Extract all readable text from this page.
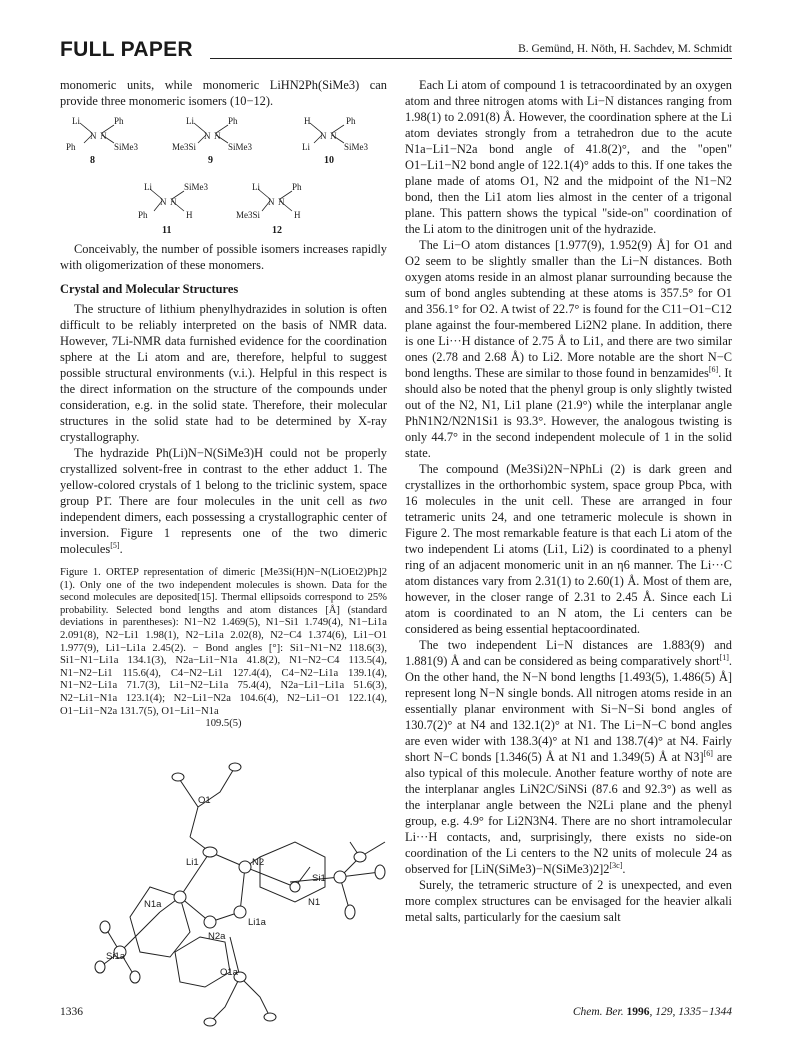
FULL PAPER	B. Gemünd, H. Nöth, H. Sachdev, M. Schmidt

monomeric units, while monomeric LiHN2Ph(SiMe3) can provide three monomeric isomers (10−12).

Li	Ph
N N
Ph	SiMe3
8
Li	Ph
N N
Me3Si	SiMe3
9
H	Ph
N N
Li	SiMe3
10
Li	SiMe3
N N
Ph	H
11
Li	Ph
N N
Me3Si	H
12

Conceivably, the number of possible isomers increases rapidly with oligomerization of these monomers.

Crystal and Molecular Structures

The structure of lithium phenylhydrazides in solution is often difficult to be reliably interpreted on the basis of NMR data. However, 7Li-NMR data furnished evidence for the coordination sphere at the Li atom and are, therefore, helpful to suggest possible structural environments (v.i.). Helpful in this respect is the direct information on the structure of the compounds under consideration, e.g. in the solid state. Therefore, their molecular structures in the solid state had to be determined by X-ray crystallography.

The hydrazide Ph(Li)N−N(SiMe3)H could not be properly crystallized solvent-free in contrast to the ether adduct 1. The yellow-colored crystals of 1 belong to the triclinic system, space group P1̄. There are four molecules in the unit cell as two independent dimers, each possessing a crystallographic center of inversion. Figure 1 represents one of the two dimeric molecules[5].

Figure 1. ORTEP representation of dimeric [Me3Si(H)N−N(LiOEt2)Ph]2 (1). Only one of the two independent molecules is shown. Data for the second molecules are deposited[15]. Thermal ellipsoids correspond to 25% probability. Selected bond lengths and atom distances [Å] (standard deviations in parentheses): N1−N2 1.469(5), N1−Si1 1.749(4), N1−Li1a 2.091(8), N2−Li1 1.98(1), N2−Li1a 2.02(8), N2−C4 1.374(6), Li1−O1 1.977(9), Li1−Li1a 2.45(2). − Bond angles [°]: Si1−N1−N2 118.6(3), Si1−N1−Li1a 134.1(3), N2a−Li1−N1a 41.8(2), N1−N2−C4 113.5(4), N1−N2−Li1 115.6(4), C4−N2−Li1 127.4(4), C4−N2−Li1a 139.1(4), N1−N2−Li1a 71.7(3), Li1−N2−Li1a 75.4(4), N2a−Li1−Li1a 51.6(3), N2−Li1−N1a 123.1(4); N2−Li1−N2a 104.6(4), N2−Li1−O1 122.1(4), O1−Li1−N2a 131.7(5), O1−Li1−N1a
109.5(5)

O1
Li1	N2
Si1
N1a	N1
Si1a
N2a
Li1a
O1a

Each Li atom of compound 1 is tetracoordinated by an oxygen atom and three nitrogen atoms with Li−N distances ranging from 1.98(1) to 2.091(8) Å. However, the coordination sphere at the Li atom deviates strongly from a tetrahedron due to the acute N1a−Li1−N2a bond angle of 41.8(2)°, and the "open" O1−Li1−N2 bond angle of 122.1(4)° adds to this. If one takes the plane made of atoms O1, N2 and the midpoint of the N1−N2 bond, then the Li1 atom lies almost in the center of a trigonal plane. This pattern shows the typical "side-on" coordination of the Li atom to the dinitrogen unit of the hydrazide.

The Li−O atom distances [1.977(9), 1.952(9) Å] for O1 and O2 seem to be slightly smaller than the Li−N distances. Both oxygen atoms reside in an almost planar surrounding because the sum of bond angles subtending at these atoms is 357.5° for O1 and 356.1° for O2. A twist of 22.7° is found for the C11−O1−C12 plane against the four-membered Li2N2 plane. In addition, there is one Li···H distance of 2.75 Å to Li1, and there are two similar ones (2.78 and 2.68 Å) to Li2. More notable are the short N−C bond lengths. These are similar to those found in benzamides[6]. It should also be noted that the phenyl group is only slightly twisted out of the N2, N1, Li1 plane (21.9°) while the interplanar angle PhN1N2/N2N1Si1 is 93.3°. However, the analogous twisting is only 44.7° in the second independent molecule of 1 in the solid state.

The compound (Me3Si)2N−NPhLi (2) is dark green and crystallizes in the orthorhombic system, space group Pbca, with 16 molecules in the unit cell. These are arranged in four tetrameric units 24, and one tetrameric molecule is shown in Figure 2. The most remarkable feature is that each Li atom of the two independent Li atoms (Li1, Li2) is coordinated to a phenyl ring of an adjacent monomeric unit in an η6 manner. The Li···C atom distances vary from 2.31(1) to 2.60(1) Å. Most of them are, however, in the closer range of 2.31 to 2.45 Å. Since each Li atom is coordinated to an N atom, the Li centers can be considered as being essential heptacoordinated.

The two independent Li−N distances are 1.883(9) and 1.881(9) Å and can be considered as being comparatively short[1]. On the other hand, the N−N bond lengths [1.493(5), 1.486(5) Å] represent long N−N single bonds. All nitrogen atoms reside in an essentially planar environment with Si−N−Si bond angles of 130.7(2)° at N4 and 132.1(2)° at N1. The Li−N−C bond angles are even wider with 138.3(4)° at N1 and 138.7(4)° at N4. Fairly short N−C bonds [1.346(5) Å at N1 and 1.349(5) Å at N3][6] are also typical of this molecule. Another feature worthy of note are the interplanar angles LiN2C/SiNSi (87.6 and 92.3°) as well as the interplanar angle between the N2Li plane and the phenyl group, e.g. 4.9° for Li2N3N4. There are no short intramolecular Li···H contacts, and, surprisingly, there exists no side-on coordination of the Li centers to the N2 units of molecule 24 as observed for [LiN(SiMe3)−N(SiMe3)2]2[3c].

Surely, the tetrameric structure of 2 is unexpected, and even more complex structures can be envisaged for the heavier alkali metal salts, particularly for the caesium salt

1336	Chem. Ber. 1996, 129, 1335−1344
